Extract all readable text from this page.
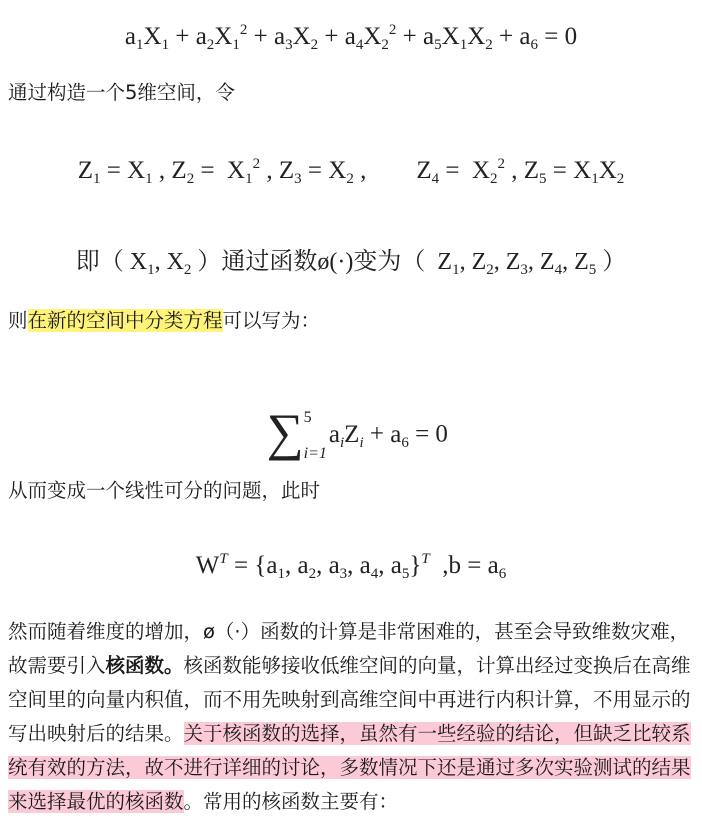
$a_1X_1 + a_2X_1^2 + a_3X_2 + a_4X_2^2 + a_5X_1X_2 + a_6 = 0$
通过构造一个5维空间，令
$Z_1 = X_1$ , $Z_2 = X_1^2$ , $Z_3 = X_2$ ,        $Z_4 = X_2^2$ , $Z_5 = X_1X_2$
即（ $X_1$, $X_2$ ）通过函数ø(·)变为（  $Z_1$, $Z_2$, $Z_3$, $Z_4$, $Z_5$ ）
则在新的空间中分类方程可以写为：

∑ 5
i=1
$a_iZ_i + a_6 = 0$

从而变成一个线性可分的问题，此时
$W^T = \{a_1$, $a_2$, $a_3$, $a_4$, $a_5\}^T$  $,b = a_6$
然而随着维度的增加，ø（·）函数的计算是非常困难的，甚至会导致维数灾难，故需要引入核函数。核函数能够接收低维空间的向量，计算出经过变换后在高维空间里的向量内积值，而不用先映射到高维空间中再进行内积计算，不用显示的写出映射后的结果。关于核函数的选择，虽然有一些经验的结论，但缺乏比较系统有效的方法，故不进行详细的讨论，多数情况下还是通过多次实验测试的结果来选择最优的核函数。常用的核函数主要有：
